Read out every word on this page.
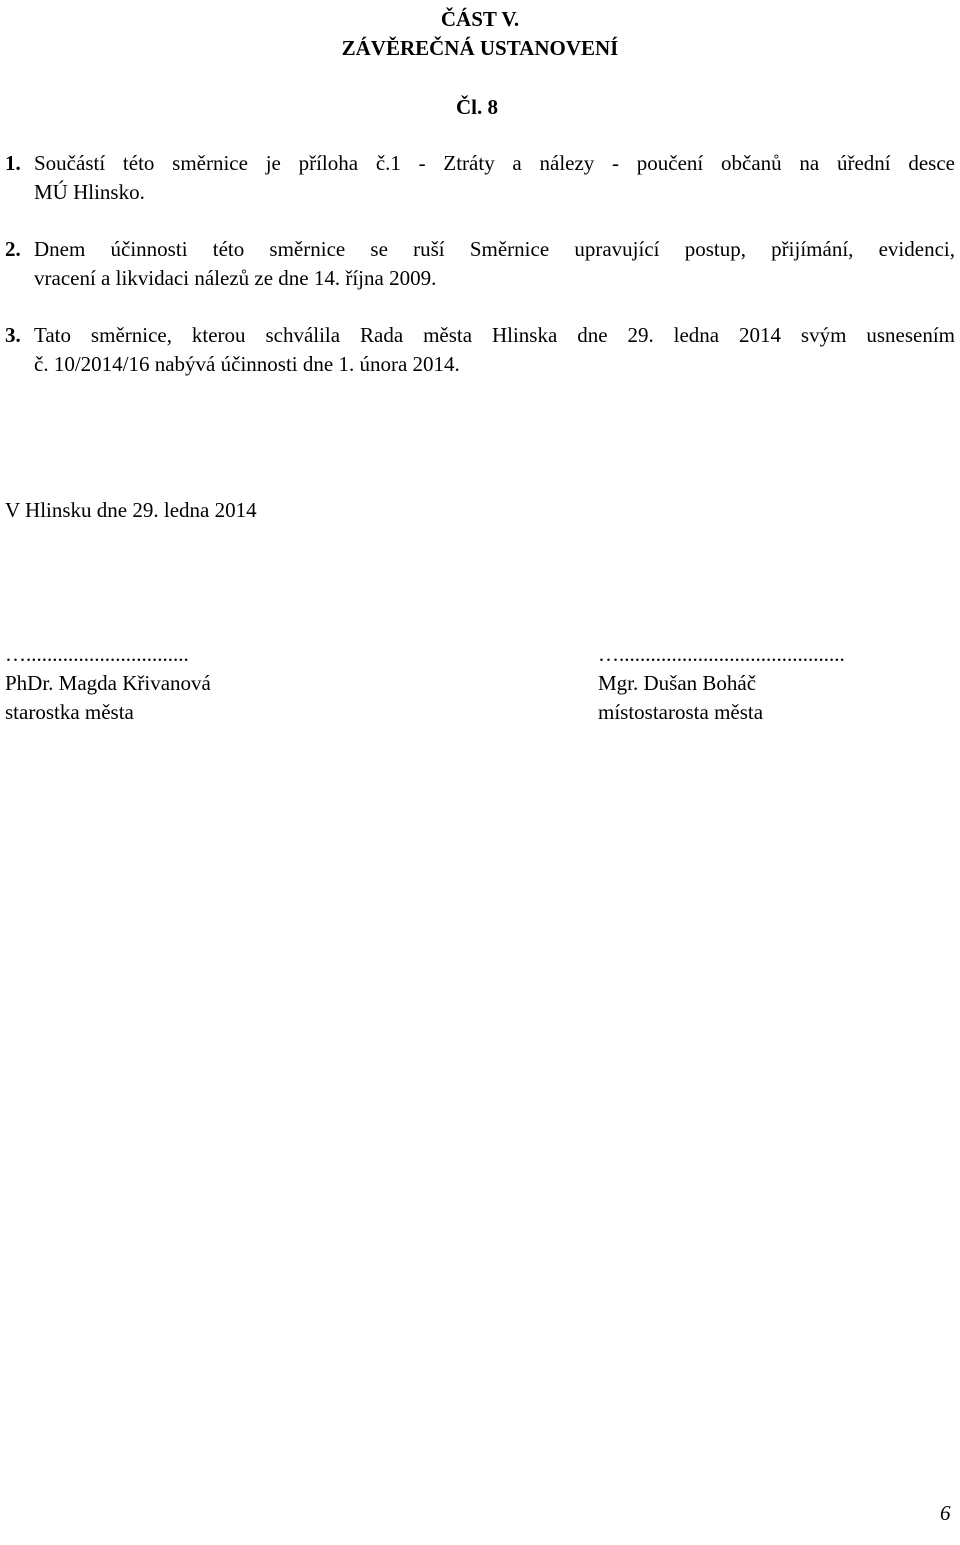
ČÁST V.
ZÁVĚREČNÁ USTANOVENÍ
Čl. 8
1. Součástí této směrnice je příloha č.1 - Ztráty a nálezy - poučení občanů na úřední desce
MÚ Hlinsko.
2. Dnem účinnosti této směrnice se ruší Směrnice upravující postup, přijímání, evidenci,
vracení a likvidaci nálezů ze dne 14. října 2009.
3. Tato směrnice, kterou schválila Rada města Hlinska dne 29. ledna 2014 svým usnesením
č. 10/2014/16 nabývá účinnosti dne 1. února 2014.
V Hlinsku dne 29. ledna 2014
…...............................
PhDr. Magda Křivanová
starostka města
…...........................................
Mgr. Dušan Boháč
místostarosta města
6
